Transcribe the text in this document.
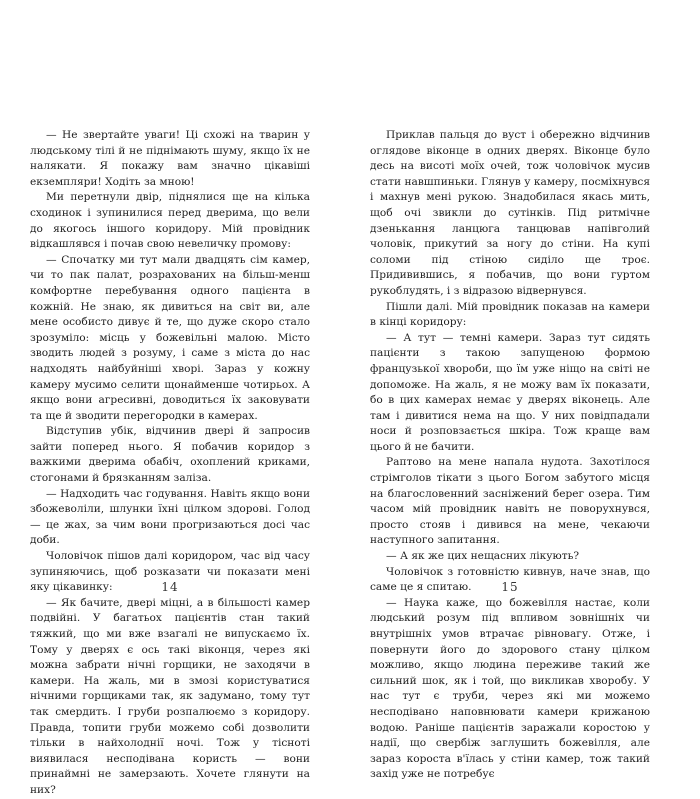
— Не звертайте уваги! Ці схожі на тварин у людському тілі й не піднімають шуму, якщо їх не налякати. Я покажу вам значно цікавіші екземпляри! Ходіть за мною!

Ми перетнули двір, піднялися ще на кілька сходинок і зупинилися перед дверима, що вели до якогось іншого коридору. Мій провідник відкашлявся і почав свою невеличку промову:

— Спочатку ми тут мали двадцять сім камер, чи то пак палат, розрахованих на більш-менш комфортне перебування одного пацієнта в кожній. Не знаю, як дивиться на світ ви, але мене особисто дивує й те, що дуже скоро стало зрозуміло: місць у божевільні малою. Місто зводить людей з розуму, і саме з міста до нас надходять найбуйніші хворі. Зараз у кожну камеру мусимо селити щонайменше чотирьох. А якщо вони агресивні, доводиться їх заковувати та ще й зводити перегородки в камерах.

Відступив убік, відчинив двері й запросив зайти поперед нього. Я побачив коридор з важкими дверима обабіч, охоплений криками, стогонами й брязканням заліза.

— Надходить час годування. Навіть якщо вони збожеволіли, шлунки їхні цілком здорові. Голод — це жах, за чим вони прогризаються досі час доби.

Чоловічок пішов далі коридором, час від часу зупиняючись, щоб розказати чи показати мені яку цікавинку:

— Як бачите, двері міцні, а в більшості камер подвійні. У багатьох пацієнтів стан такий тяжкий, що ми вже взагалі не випускаємо їх. Тому у дверях є ось такі віконця, через які можна забрати нічні горщики, не заходячи в камери. На жаль, ми в змозі користуватися нічними горщиками так, як задумано, тому тут так смердить. І груби розпалюємо з коридору. Правда, топити груби можемо собі дозволити тільки в найхолоднії ночі. Тож у тісноті виявилася несподівана користь — вони принаймні не замерзають. Хочете глянути на них?

14

Приклав пальця до вуст і обережно відчинив оглядове віконце в одних дверях. Віконце було десь на висоті моїх очей, тож чоловічок мусив стати навшпиньки. Глянув у камеру, посміхнувся і махнув мені рукою. Знадобилася якась мить, щоб очі звикли до сутінків. Під ритмічне дзенькання ланцюга танцював напівголий чоловік, прикутий за ногу до стіни. На купі соломи під стіною сиділо ще троє. Придивившись, я побачив, що вони гуртом рукоблудять, і з відразою відвернувся.

Пішли далі. Мій провідник показав на камери в кінці коридору:

— А тут — темні камери. Зараз тут сидять пацієнти з такою запущеною формою французької хвороби, що їм уже ніщо на світі не допоможе. На жаль, я не можу вам їх показати, бо в цих камерах немає у дверях віконець. Але там і дивитися нема на що. У них повідпадали носи й розповзається шкіра. Тож краще вам цього й не бачити.

Раптово на мене напала нудота. Захотілося стрімголов тікати з цього Богом забутого місця на благословенний засніжений берег озера. Тим часом мій провідник навіть не поворухнувся, просто стояв і дивився на мене, чекаючи наступного запитання.

— А як же цих нещасних лікують?

Чоловічок з готовністю кивнув, наче знав, що саме це я спитаю.

— Наука каже, що божевілля настає, коли людський розум під впливом зовнішніх чи внутрішніх умов втрачає рівновагу. Отже, і повернути його до здорового стану цілком можливо, якщо людина переживе такий же сильний шок, як і той, що викликав хворобу. У нас тут є труби, через які ми можемо несподівано наповнювати камери крижаною водою. Раніше пацієнтів заражали коростою у надії, що свербіж заглушить божевілля, але зараз короста в'їлась у стіни камер, тож такий захід уже не потребує

15
